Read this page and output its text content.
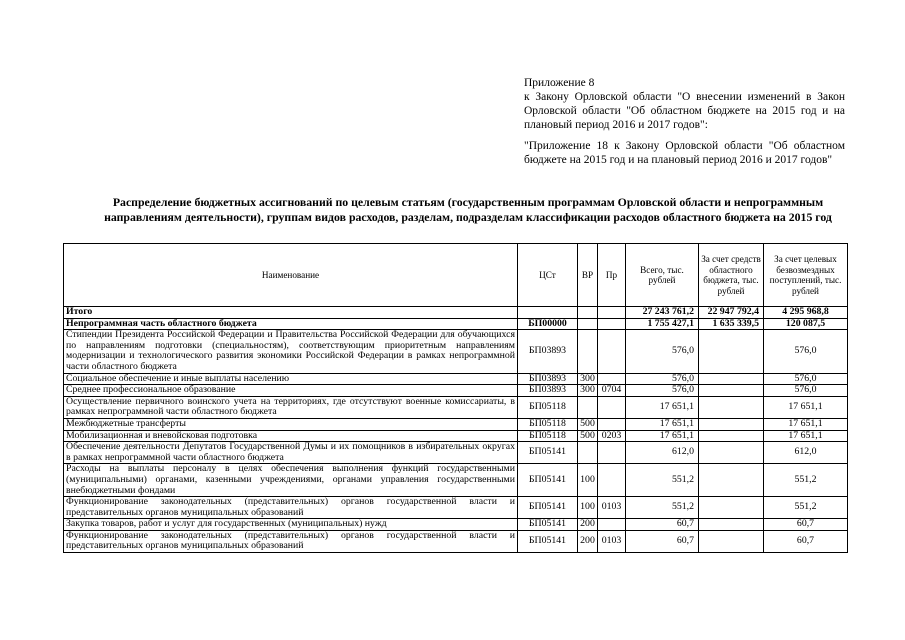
Приложение 8

к Закону Орловской области "О внесении изменений в Закон Орловской области "Об областном бюджете на 2015 год и на плановый период 2016 и 2017 годов":

"Приложение 18 к Закону Орловской области "Об областном бюджете на 2015 год и на плановый период 2016 и 2017 годов"

Распределение бюджетных ассигнований по целевым статьям (государственным программам Орловской области и непрограммным направлениям деятельности), группам видов расходов, разделам, подразделам классификации расходов областного бюджета на 2015 год
Наименование	ЦСт	ВР	Пр	Всего, тыс. рублей	За счет средств областного бюджета, тыс. рублей	За счет целевых безвозмездных поступлений, тыс. рублей
Итого				27 243 761,2	22 947 792,4	4 295 968,8
Непрограммная часть областного бюджета	БП00000			1 755 427,1	1 635 339,5	120 087,5
Стипендии Президента Российской Федерации и Правительства Российской Федерации для обучающихся по направлениям подготовки (специальностям), соответствующим приоритетным направлениям модернизации и технологического развития экономики Российской Федерации в рамках непрограммной части областного бюджета	БП03893			576,0		576,0
Социальное обеспечение и иные выплаты населению	БП03893	300		576,0		576,0
Среднее профессиональное образование	БП03893	300	0704	576,0		576,0
Осуществление первичного воинского учета на территориях, где отсутствуют военные комиссариаты, в рамках непрограммной части областного бюджета	БП05118			17 651,1		17 651,1
Межбюджетные трансферты	БП05118	500		17 651,1		17 651,1
Мобилизационная и вневойсковая подготовка	БП05118	500	0203	17 651,1		17 651,1
Обеспечение деятельности Депутатов Государственной Думы и их помощников в избирательных округах в рамках непрограммной части областного бюджета	БП05141			612,0		612,0
Расходы на выплаты персоналу в целях обеспечения выполнения функций государственными (муниципальными) органами, казенными учреждениями, органами управления государственными внебюджетными фондами	БП05141	100		551,2		551,2
Функционирование законодательных (представительных) органов государственной власти и представительных органов муниципальных образований	БП05141	100	0103	551,2		551,2
Закупка товаров, работ и услуг для государственных (муниципальных) нужд	БП05141	200		60,7		60,7
Функционирование законодательных (представительных) органов государственной власти и представительных органов муниципальных образований	БП05141	200	0103	60,7		60,7
